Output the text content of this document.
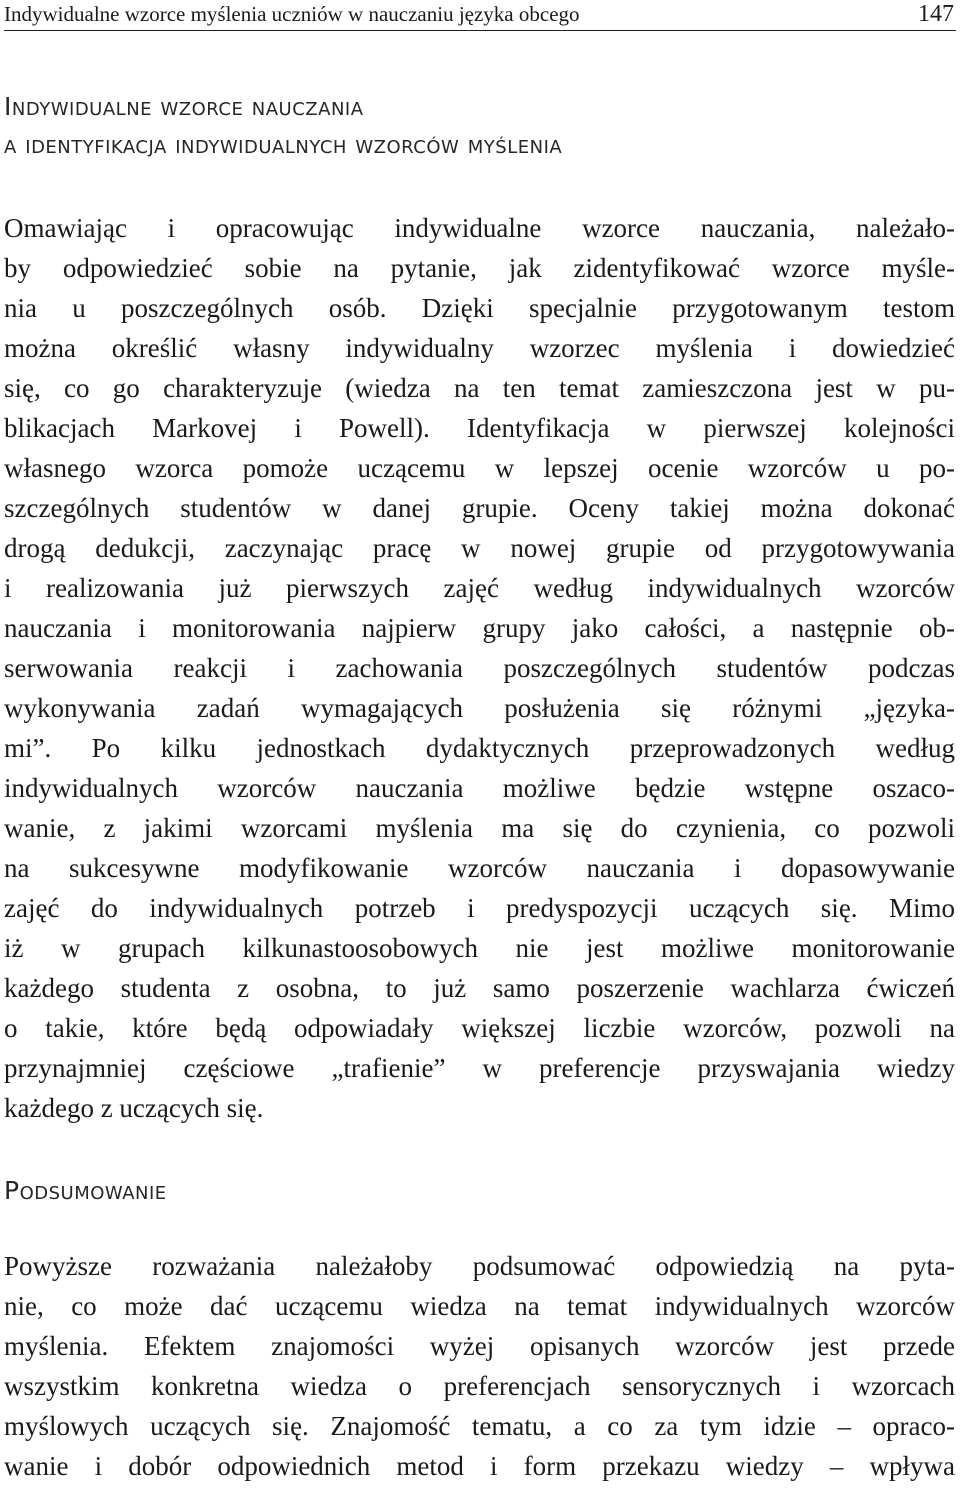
Indywidualne wzorce myślenia uczniów w nauczaniu języka obcego	147
Indywidualne wzorce nauczania
a identyfikacja indywidualnych wzorców myślenia
Omawiając i opracowując indywidualne wzorce nauczania, należało-
by odpowiedzieć sobie na pytanie, jak zidentyfikować wzorce myśle-
nia u poszczególnych osób. Dzięki specjalnie przygotowanym testom
można określić własny indywidualny wzorzec myślenia i dowiedzieć
się, co go charakteryzuje (wiedza na ten temat zamieszczona jest w pu-
blikacjach Markovej i Powell). Identyfikacja w pierwszej kolejności
własnego wzorca pomoże uczącemu w lepszej ocenie wzorców u po-
szczególnych studentów w danej grupie. Oceny takiej można dokonać
drogą dedukcji, zaczynając pracę w nowej grupie od przygotowywania
i realizowania już pierwszych zajęć według indywidualnych wzorców
nauczania i monitorowania najpierw grupy jako całości, a następnie ob-
serwowania reakcji i zachowania poszczególnych studentów podczas
wykonywania zadań wymagających posłużenia się różnymi „języka-
mi”. Po kilku jednostkach dydaktycznych przeprowadzonych według
indywidualnych wzorców nauczania możliwe będzie wstępne oszaco-
wanie, z jakimi wzorcami myślenia ma się do czynienia, co pozwoli
na sukcesywne modyfikowanie wzorców nauczania i dopasowywanie
zajęć do indywidualnych potrzeb i predyspozycji uczących się. Mimo
iż w grupach kilkunastoosobowych nie jest możliwe monitorowanie
każdego studenta z osobna, to już samo poszerzenie wachlarza ćwiczeń
o takie, które będą odpowiadały większej liczbie wzorców, pozwoli na
przynajmniej częściowe „trafienie” w preferencje przyswajania wiedzy
każdego z uczących się.
Podsumowanie
Powyższe rozważania należałoby podsumować odpowiedzią na pyta-
nie, co może dać uczącemu wiedza na temat indywidualnych wzorców
myślenia. Efektem znajomości wyżej opisanych wzorców jest przede
wszystkim konkretna wiedza o preferencjach sensorycznych i wzorcach
myślowych uczących się. Znajomość tematu, a co za tym idzie – opraco-
wanie i dobór odpowiednich metod i form przekazu wiedzy – wpływa
